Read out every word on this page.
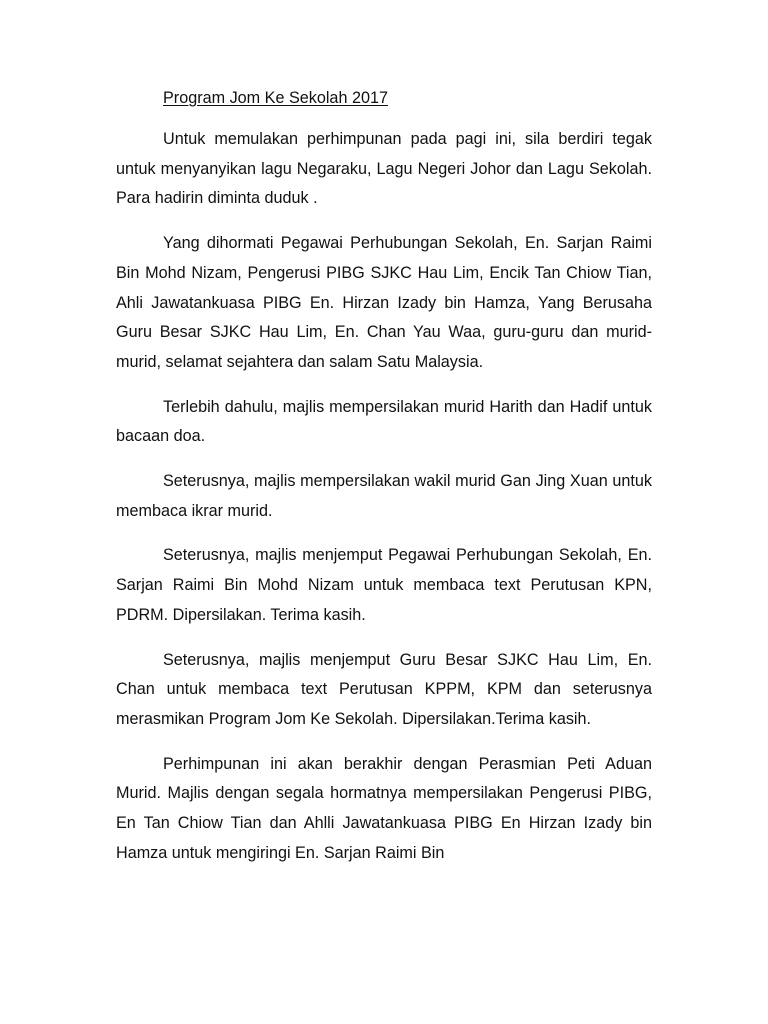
Program Jom Ke Sekolah 2017

Untuk memulakan perhimpunan pada pagi ini, sila berdiri tegak untuk menyanyikan lagu Negaraku, Lagu Negeri Johor dan Lagu Sekolah. Para hadirin diminta duduk .

Yang dihormati Pegawai Perhubungan Sekolah, En. Sarjan Raimi Bin Mohd Nizam, Pengerusi PIBG SJKC Hau Lim, Encik Tan Chiow Tian, Ahli Jawatankuasa PIBG En. Hirzan Izady bin Hamza, Yang Berusaha Guru Besar SJKC Hau Lim, En. Chan Yau Waa, guru-guru dan murid-murid, selamat sejahtera dan salam Satu Malaysia.

Terlebih dahulu, majlis mempersilakan murid Harith dan Hadif untuk bacaan doa.

Seterusnya, majlis mempersilakan wakil murid Gan Jing Xuan untuk membaca ikrar murid.

Seterusnya, majlis menjemput Pegawai Perhubungan Sekolah, En. Sarjan Raimi Bin Mohd Nizam untuk membaca text Perutusan KPN, PDRM. Dipersilakan. Terima kasih.

Seterusnya, majlis menjemput Guru Besar SJKC Hau Lim, En. Chan untuk membaca text Perutusan KPPM, KPM dan seterusnya merasmikan Program Jom Ke Sekolah. Dipersilakan.Terima kasih.

Perhimpunan ini akan berakhir dengan Perasmian Peti Aduan Murid. Majlis dengan segala hormatnya mempersilakan Pengerusi PIBG, En Tan Chiow Tian dan Ahlli Jawatankuasa PIBG En Hirzan Izady bin Hamza untuk mengiringi En. Sarjan Raimi Bin
